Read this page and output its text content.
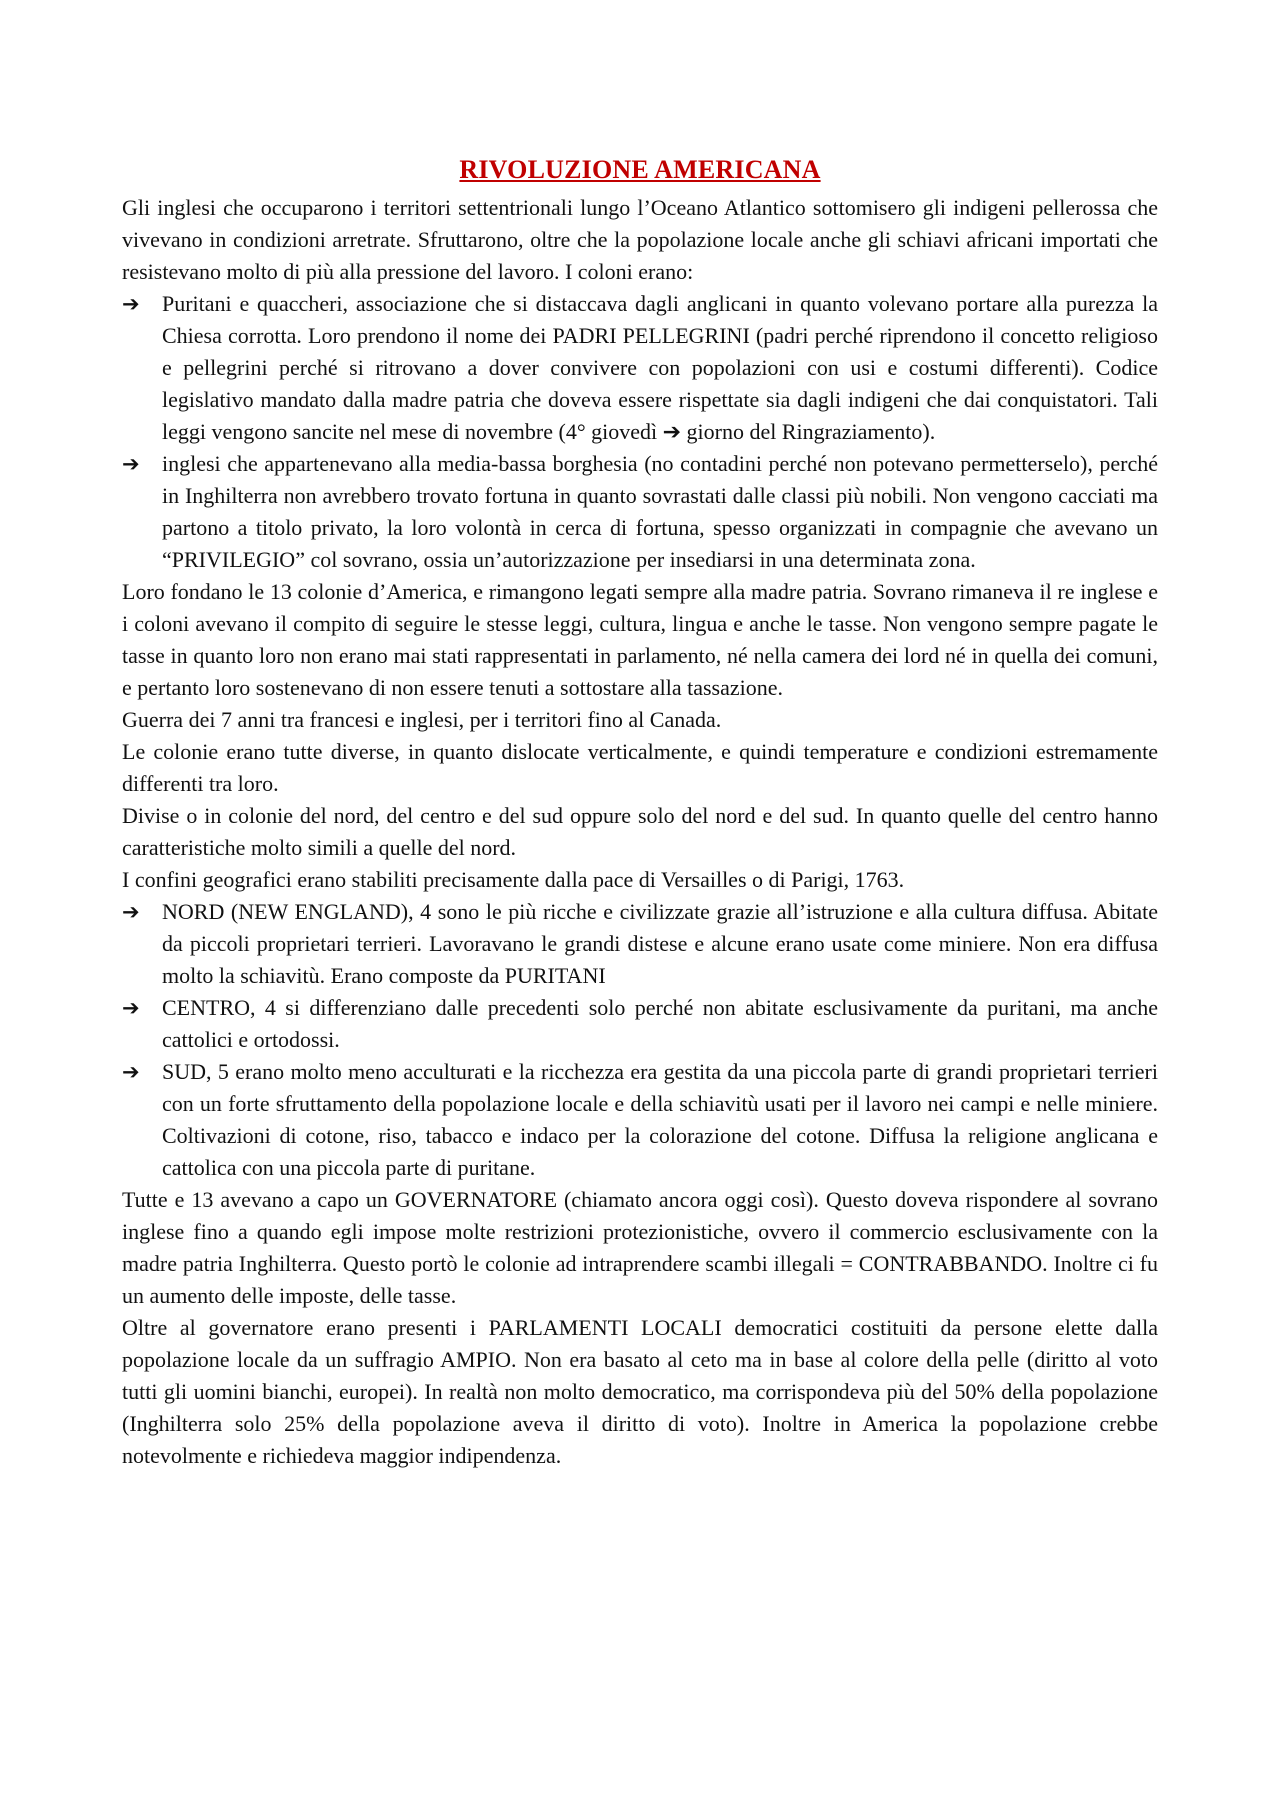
RIVOLUZIONE AMERICANA

Gli inglesi che occuparono i territori settentrionali lungo l’Oceano Atlantico sottomisero gli indigeni pellerossa che vivevano in condizioni arretrate. Sfruttarono, oltre che la popolazione locale anche gli schiavi africani importati che resistevano molto di più alla pressione del lavoro. I coloni erano:

➔	Puritani e quaccheri, associazione che si distaccava dagli anglicani in quanto volevano portare alla purezza la Chiesa corrotta. Loro prendono il nome dei PADRI PELLEGRINI (padri perché riprendono il concetto religioso e pellegrini perché si ritrovano a dover convivere con popolazioni con usi e costumi differenti). Codice legislativo mandato dalla madre patria che doveva essere rispettate sia dagli indigeni che dai conquistatori. Tali leggi vengono sancite nel mese di novembre (4° giovedì ➔ giorno del Ringraziamento).
➔	inglesi che appartenevano alla media-bassa borghesia (no contadini perché non potevano permetterselo), perché in Inghilterra non avrebbero trovato fortuna in quanto sovrastati dalle classi più nobili. Non vengono cacciati ma partono a titolo privato, la loro volontà in cerca di fortuna, spesso organizzati in compagnie che avevano un “PRIVILEGIO” col sovrano, ossia un’autorizzazione per insediarsi in una determinata zona.

Loro fondano le 13 colonie d’America, e rimangono legati sempre alla madre patria. Sovrano rimaneva il re inglese e i coloni avevano il compito di seguire le stesse leggi, cultura, lingua e anche le tasse. Non vengono sempre pagate le tasse in quanto loro non erano mai stati rappresentati in parlamento, né nella camera dei lord né in quella dei comuni, e pertanto loro sostenevano di non essere tenuti a sottostare alla tassazione.

Guerra dei 7 anni tra francesi e inglesi, per i territori fino al Canada.

Le colonie erano tutte diverse, in quanto dislocate verticalmente, e quindi temperature e condizioni estremamente differenti tra loro.

Divise o in colonie del nord, del centro e del sud oppure solo del nord e del sud. In quanto quelle del centro hanno caratteristiche molto simili a quelle del nord.

I confini geografici erano stabiliti precisamente dalla pace di Versailles o di Parigi, 1763.

➔	NORD (NEW ENGLAND), 4 sono le più ricche e civilizzate grazie all’istruzione e alla cultura diffusa. Abitate da piccoli proprietari terrieri. Lavoravano le grandi distese e alcune erano usate come miniere. Non era diffusa molto la schiavitù. Erano composte da PURITANI
➔	CENTRO, 4 si differenziano dalle precedenti solo perché non abitate esclusivamente da puritani, ma anche cattolici e ortodossi.
➔	SUD, 5 erano molto meno acculturati e la ricchezza era gestita da una piccola parte di grandi proprietari terrieri con un forte sfruttamento della popolazione locale e della schiavitù usati per il lavoro nei campi e nelle miniere. Coltivazioni di cotone, riso, tabacco e indaco per la colorazione del cotone. Diffusa la religione anglicana e cattolica con una piccola parte di puritane.

Tutte e 13 avevano a capo un GOVERNATORE (chiamato ancora oggi così). Questo doveva rispondere al sovrano inglese fino a quando egli impose molte restrizioni protezionistiche, ovvero il commercio esclusivamente con la madre patria Inghilterra. Questo portò le colonie ad intraprendere scambi illegali = CONTRABBANDO. Inoltre ci fu un aumento delle imposte, delle tasse.

Oltre al governatore erano presenti i PARLAMENTI LOCALI democratici costituiti da persone elette dalla popolazione locale da un suffragio AMPIO. Non era basato al ceto ma in base al colore della pelle (diritto al voto tutti gli uomini bianchi, europei). In realtà non molto democratico, ma corrispondeva più del 50% della popolazione (Inghilterra solo 25% della popolazione aveva il diritto di voto). Inoltre in America la popolazione crebbe notevolmente e richiedeva maggior indipendenza.
